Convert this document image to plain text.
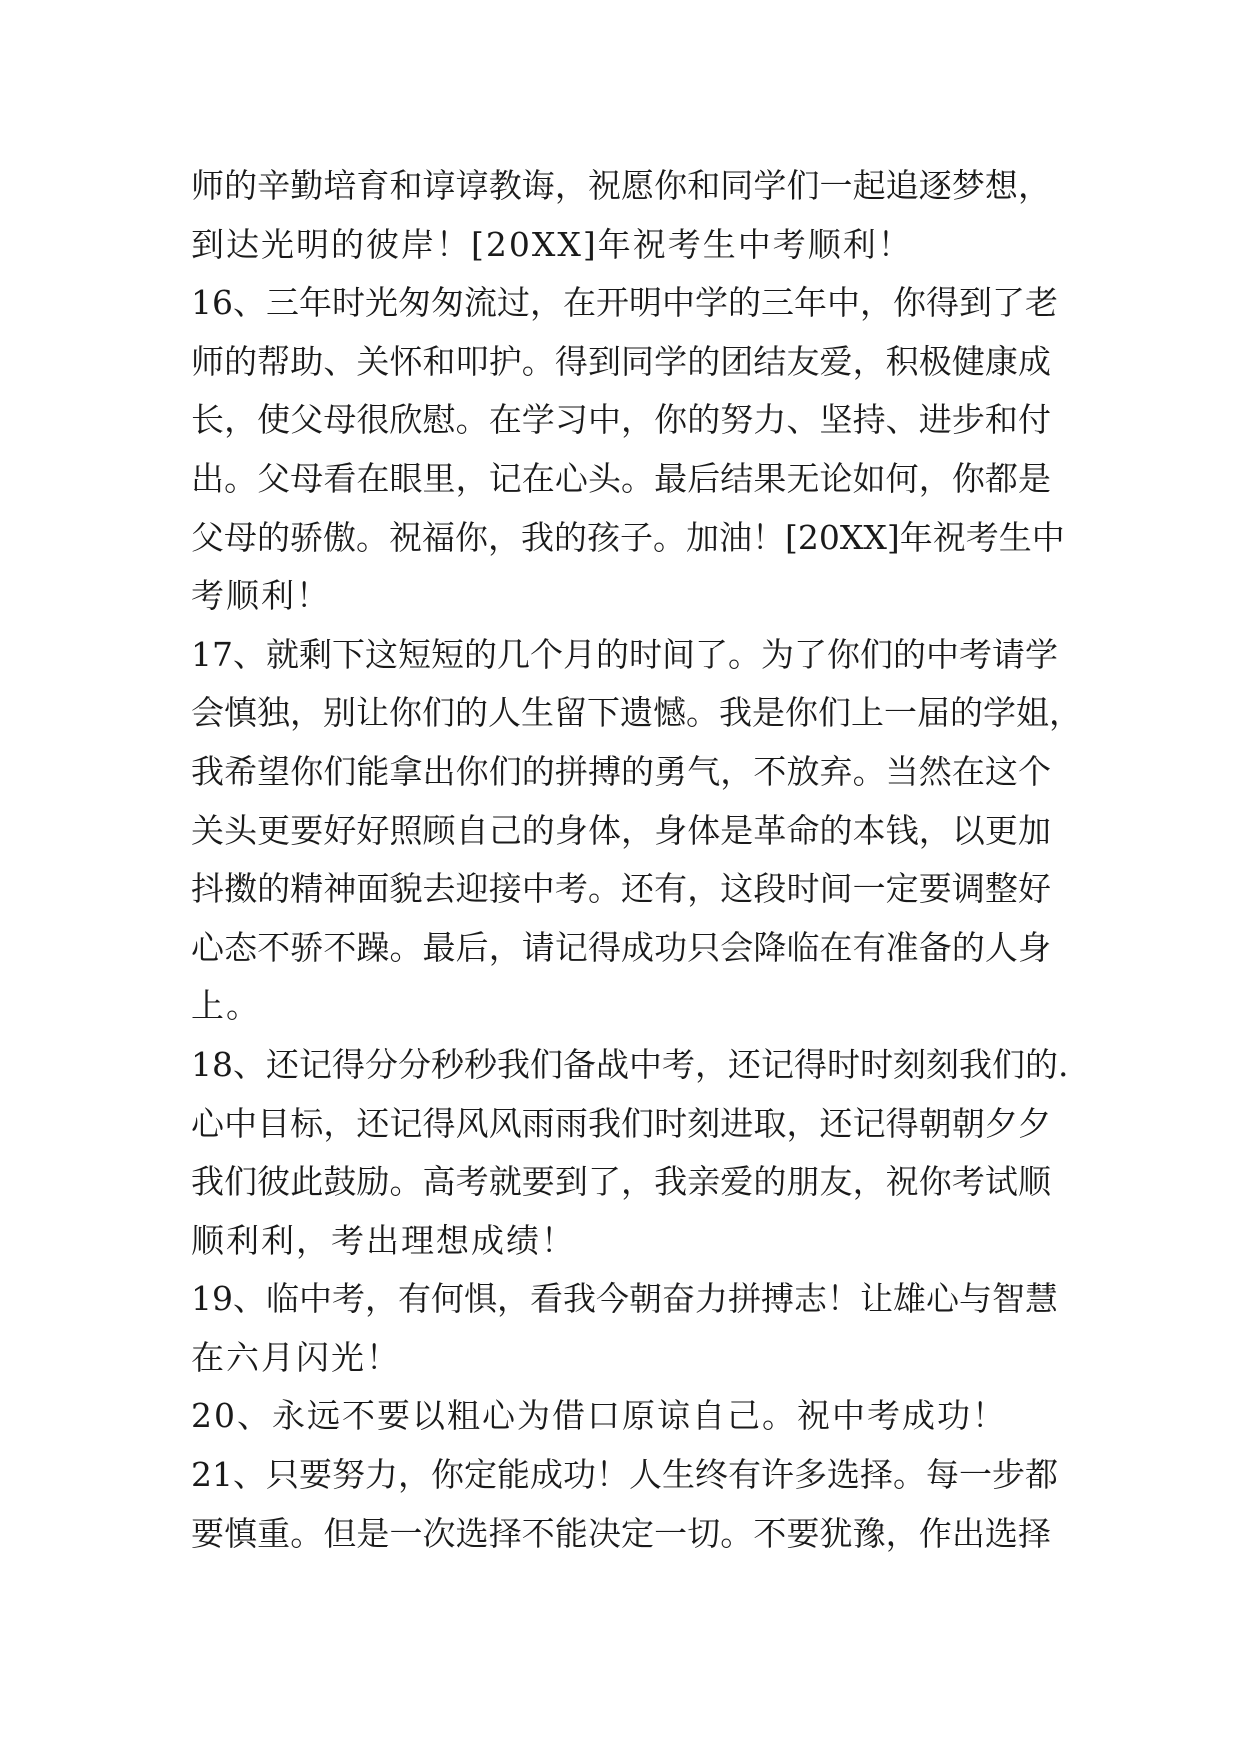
师的辛勤培育和谆谆教诲，祝愿你和同学们一起追逐梦想，
到达光明的彼岸！[20XX]年祝考生中考顺利！
16、三年时光匆匆流过，在开明中学的三年中，你得到了老
师的帮助、关怀和叩护。得到同学的团结友爱，积极健康成
长，使父母很欣慰。在学习中，你的努力、坚持、进步和付
出。父母看在眼里，记在心头。最后结果无论如何，你都是
父母的骄傲。祝福你，我的孩子。加油！[20XX]年祝考生中
考顺利！
17、就剩下这短短的几个月的时间了。为了你们的中考请学
会慎独，别让你们的人生留下遗憾。我是你们上一届的学姐，
我希望你们能拿出你们的拼搏的勇气，不放弃。当然在这个
关头更要好好照顾自己的身体，身体是革命的本钱，以更加
抖擞的精神面貌去迎接中考。还有，这段时间一定要调整好
心态不骄不躁。最后，请记得成功只会降临在有准备的人身
上。
18、还记得分分秒秒我们备战中考，还记得时时刻刻我们的.
心中目标，还记得风风雨雨我们时刻进取，还记得朝朝夕夕
我们彼此鼓励。高考就要到了，我亲爱的朋友，祝你考试顺
顺利利，考出理想成绩！
19、临中考，有何惧，看我今朝奋力拼搏志！让雄心与智慧
在六月闪光！
20、永远不要以粗心为借口原谅自己。祝中考成功！
21、只要努力，你定能成功！人生终有许多选择。每一步都
要慎重。但是一次选择不能决定一切。不要犹豫，作出选择
